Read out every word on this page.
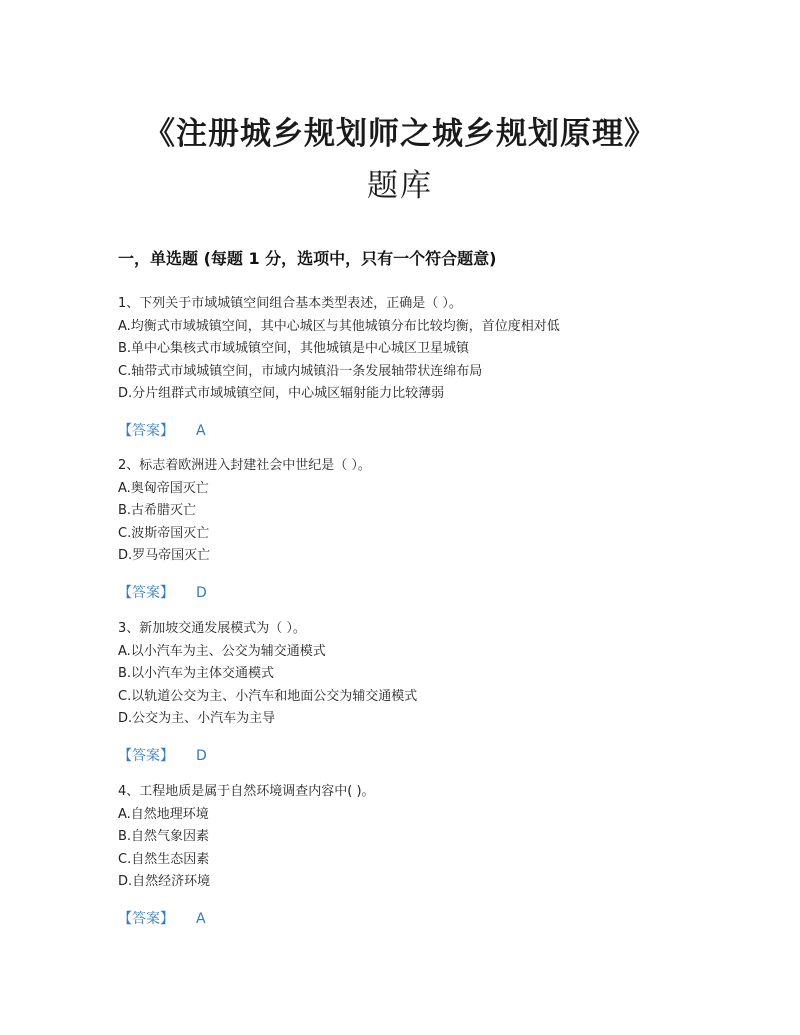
《注册城乡规划师之城乡规划原理》
题库
一，单选题 (每题 1 分，选项中，只有一个符合题意)
1、下列关于市域城镇空间组合基本类型表述，正确是（ ）。
A.均衡式市域城镇空间，其中心城区与其他城镇分布比较均衡，首位度相对低
B.单中心集核式市域城镇空间，其他城镇是中心城区卫星城镇
C.轴带式市域城镇空间，市域内城镇沿一条发展轴带状连绵布局
D.分片组群式市域城镇空间，中心城区辐射能力比较薄弱
【答案】 A
2、标志着欧洲进入封建社会中世纪是（ ）。
A.奥匈帝国灭亡
B.古希腊灭亡
C.波斯帝国灭亡
D.罗马帝国灭亡
【答案】 D
3、新加坡交通发展模式为（ ）。
A.以小汽车为主、公交为辅交通模式
B.以小汽车为主体交通模式
C.以轨道公交为主、小汽车和地面公交为辅交通模式
D.公交为主、小汽车为主导
【答案】 D
4、工程地质是属于自然环境调查内容中( )。
A.自然地理环境
B.自然气象因素
C.自然生态因素
D.自然经济环境
【答案】 A
